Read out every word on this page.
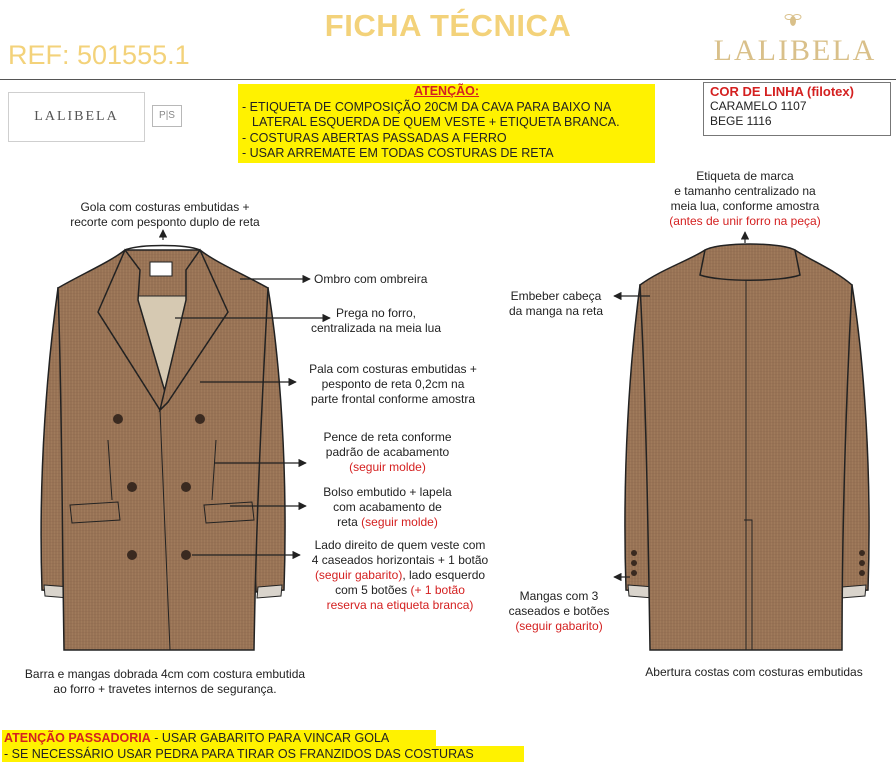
FICHA TÉCNICA
REF: 501555.1	LALIBELA
LALIBELA	P|S
ATENÇÃO:
- ETIQUETA DE COMPOSIÇÃO 20CM DA CAVA PARA BAIXO NA
LATERAL ESQUERDA DE QUEM VESTE + ETIQUETA BRANCA.
- COSTURAS ABERTAS PASSADAS A FERRO
- USAR ARREMATE EM TODAS COSTURAS DE RETA
COR DE LINHA (filotex)
CARAMELO 1107
BEGE 1116
Gola com costuras embutidas +
recorte com pesponto duplo de reta
Ombro com ombreira
Prega no forro,
centralizada na meia lua
Pala com costuras embutidas +
pesponto de reta 0,2cm na
parte frontal conforme amostra
Pence de reta conforme
padrão de acabamento
(seguir molde)
Bolso embutido + lapela
com acabamento de
reta (seguir molde)
Lado direito de quem veste com
4 caseados horizontais + 1 botão
(seguir gabarito), lado esquerdo
com 5 botões (+ 1 botão
reserva na etiqueta branca)
Barra e mangas dobrada 4cm com costura embutida
ao forro + travetes internos de segurança.
Etiqueta de marca
e tamanho centralizado na
meia lua, conforme amostra
(antes de unir forro na peça)
Embeber cabeça
da manga na reta
Mangas com 3
caseados e botões
(seguir gabarito)
Abertura costas com costuras embutidas
ATENÇÃO PASSADORIA - USAR GABARITO PARA VINCAR GOLA
- SE NECESSÁRIO USAR PEDRA PARA TIRAR OS FRANZIDOS DAS COSTURAS
